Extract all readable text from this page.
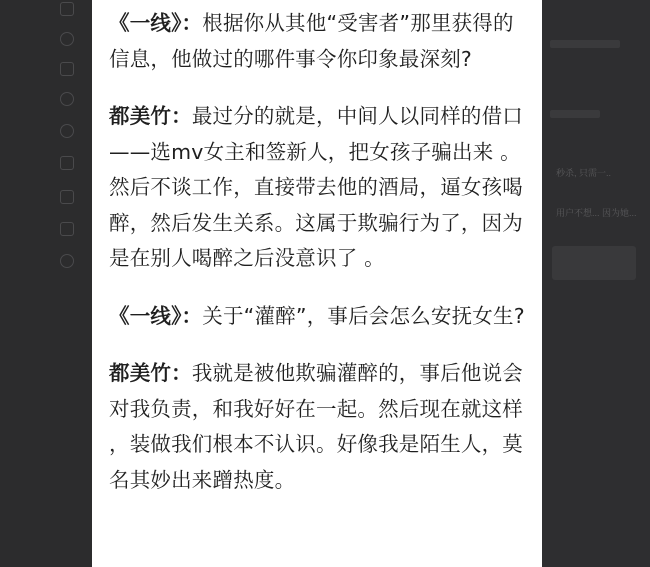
秒杀, 只需一..
用户不想... 因为她...

《一线》：根据你从其他“受害者”那里获得的信息，他做过的哪件事令你印象最深刻?

都美竹：最过分的就是，中间人以同样的借口——选mv女主和签新人，把女孩子骗出来 。然后不谈工作，直接带去他的酒局，逼女孩喝醉，然后发生关系。这属于欺骗行为了，因为是在别人喝醉之后没意识了 。

《一线》：关于“灌醉”，事后会怎么安抚女生?

都美竹：我就是被他欺骗灌醉的，事后他说会对我负责，和我好好在一起。然后现在就这样 ，装做我们根本不认识。好像我是陌生人，莫名其妙出来蹭热度。
